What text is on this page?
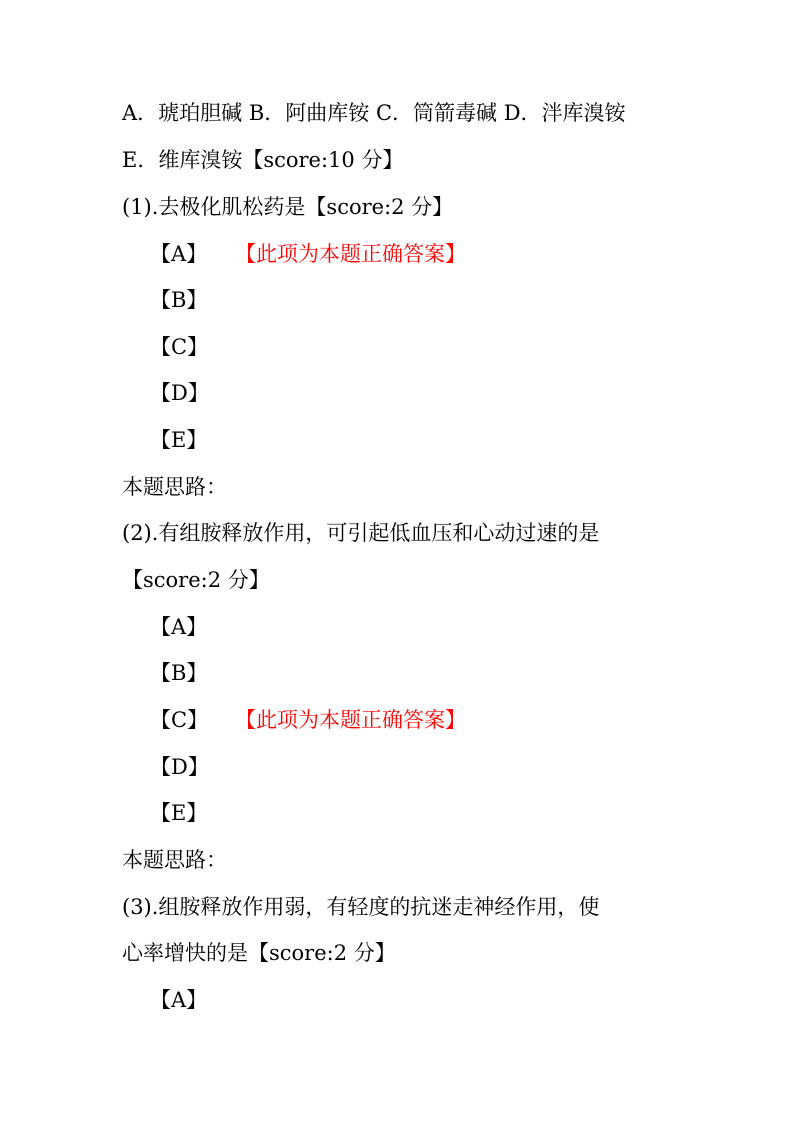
A．琥珀胆碱 B．阿曲库铵 C．筒箭毒碱 D．泮库溴铵
E．维库溴铵【score:10 分】
(1).去极化肌松药是【score:2 分】
【A】 【此项为本题正确答案】
【B】
【C】
【D】
【E】
本题思路：
(2).有组胺释放作用，可引起低血压和心动过速的是
【score:2 分】
【A】
【B】
【C】 【此项为本题正确答案】
【D】
【E】
本题思路：
(3).组胺释放作用弱，有轻度的抗迷走神经作用，使
心率增快的是【score:2 分】
【A】
